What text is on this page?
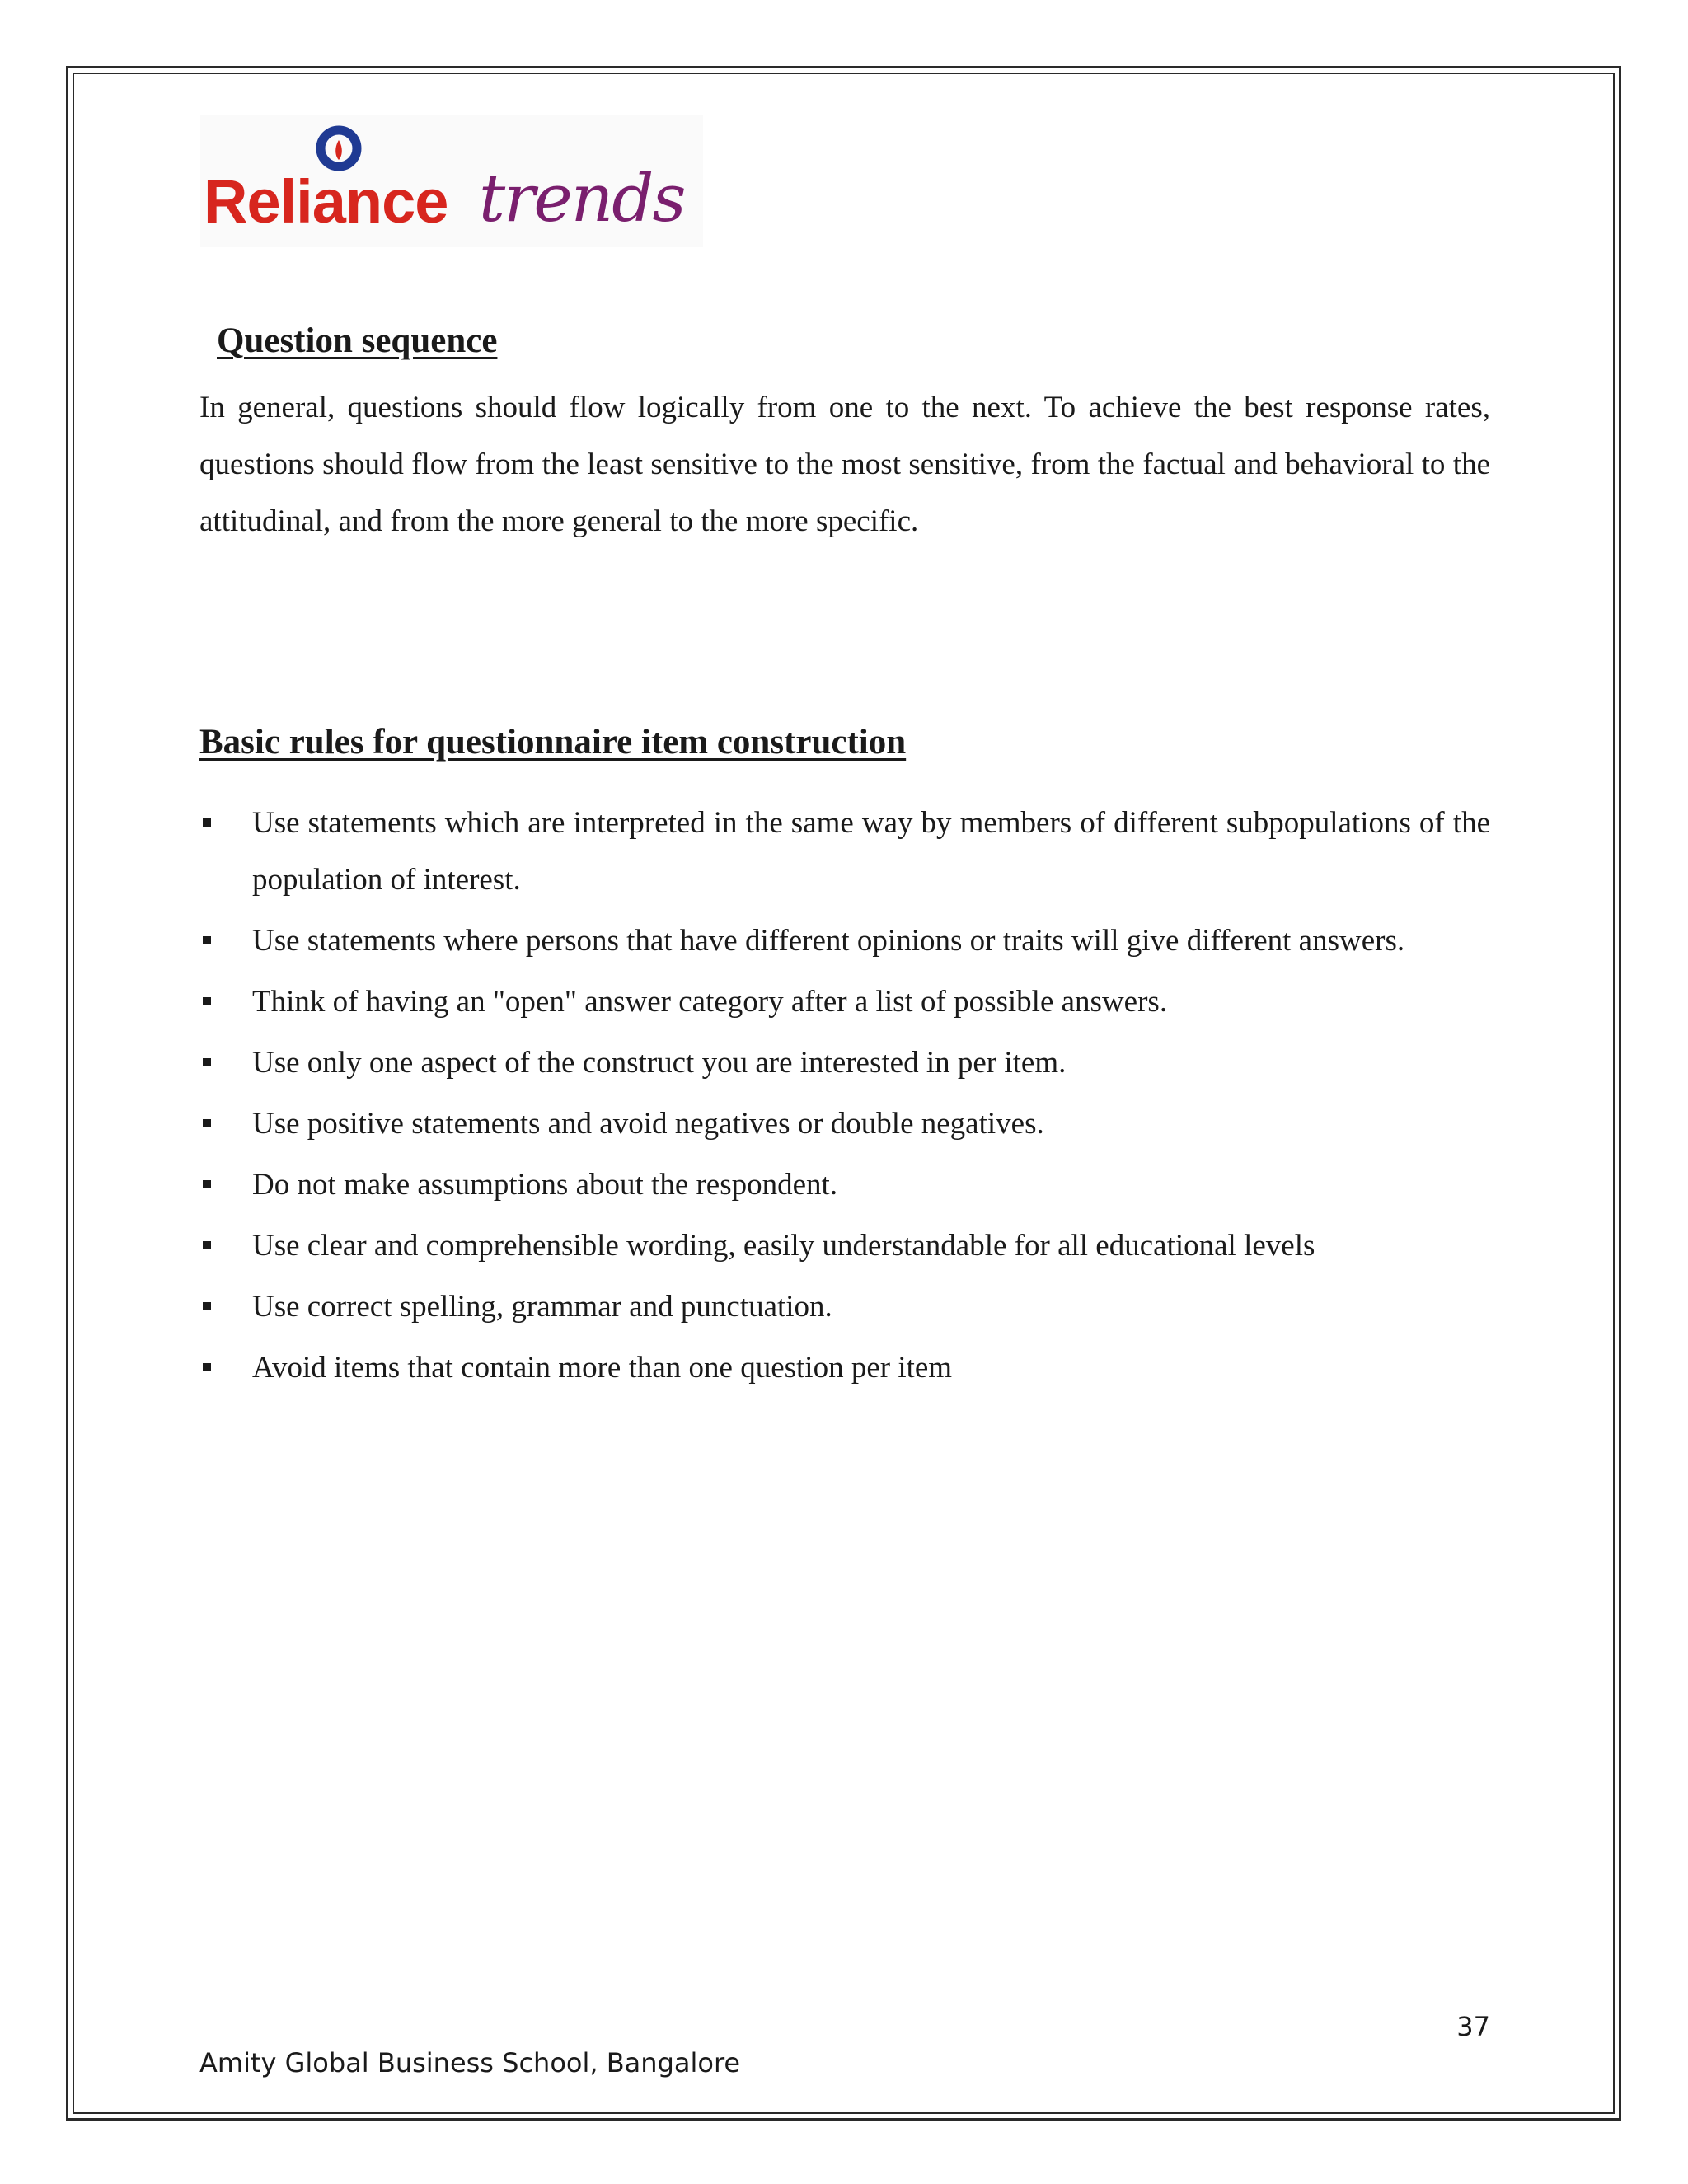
Reliance trends
Question sequence

In general, questions should flow logically from one to the next. To achieve the best response rates, questions should flow from the least sensitive to the most sensitive, from the factual and behavioral to the attitudinal, and from the more general to the more specific.

Basic rules for questionnaire item construction
Use statements which are interpreted in the same way by members of different subpopulations of the population of interest.
Use statements where persons that have different opinions or traits will give different answers.
Think of having an "open" answer category after a list of possible answers.
Use only one aspect of the construct you are interested in per item.
Use positive statements and avoid negatives or double negatives.
Do not make assumptions about the respondent.
Use clear and comprehensible wording, easily understandable for all educational levels
Use correct spelling, grammar and punctuation.
Avoid items that contain more than one question per item
37
Amity Global Business School, Bangalore
